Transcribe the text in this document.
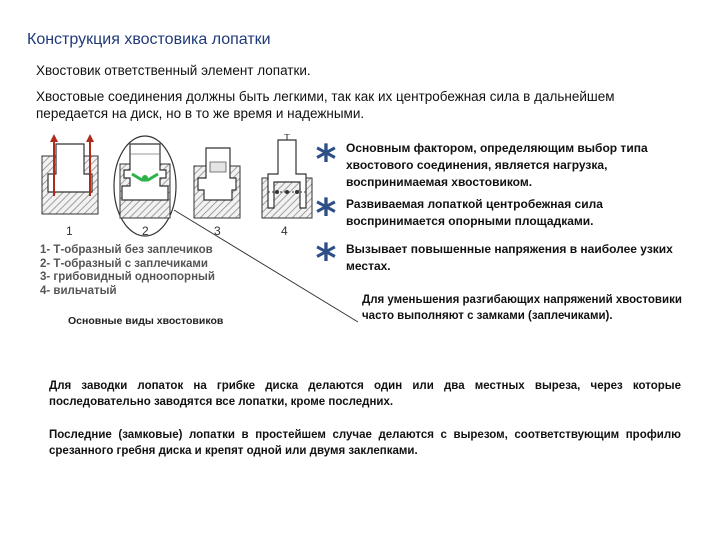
Конструкция хвостовика лопатки
Хвостовик ответственный элемент лопатки.
Хвостовые соединения должны быть легкими, так как их центробежная сила в дальнейшем передается на диск, но в то же время и надежными.
1	2	3	4
1- Т-образный без заплечиков
2- Т-образный с заплечиками
3- грибовидный одноопорный
4- вильчатый
Основные виды хвостовиков
* Основным фактором, определяющим выбор типа хвостового соединения, является нагрузка, воспринимаемая хвостовиком.
* Развиваемая лопаткой центробежная сила воспринимается опорными площадками.
* Вызывает повышенные напряжения в наиболее узких местах.
Для уменьшения разгибающих напряжений хвостовики часто выполняют с замками (заплечиками).
Для заводки лопаток на грибке диска делаются один или два местных выреза, через которые последовательно заводятся все лопатки, кроме последних.
Последние (замковые) лопатки в простейшем случае делаются с вырезом, соответствующим профилю срезанного гребня диска и крепят одной или двумя заклепками.
